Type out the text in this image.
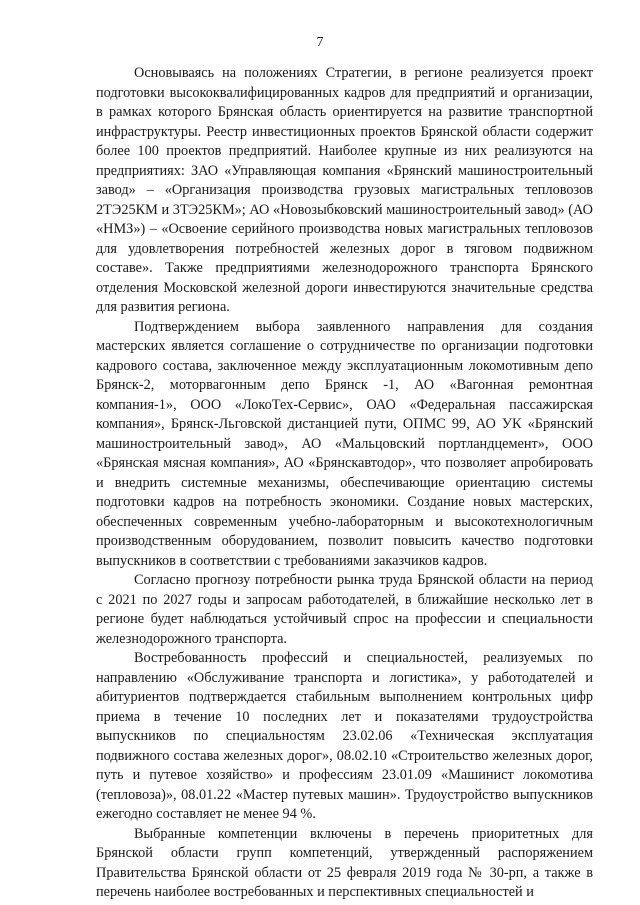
7

Основываясь на положениях Стратегии, в регионе реализуется проект подготовки высококвалифицированных кадров для предприятий и организации, в рамках которого Брянская область ориентируется на развитие транспортной инфраструктуры. Реестр инвестиционных проектов Брянской области содержит более 100 проектов предприятий. Наиболее крупные из них реализуются на предприятиях: ЗАО «Управляющая компания «Брянский машиностроительный завод» – «Организация производства грузовых магистральных тепловозов 2ТЭ25КМ и 3ТЭ25КМ»; АО «Новозыбковский машиностроительный завод» (АО «НМЗ») – «Освоение серийного производства новых магистральных тепловозов для удовлетворения потребностей железных дорог в тяговом подвижном составе». Также предприятиями железнодорожного транспорта Брянского отделения Московской железной дороги инвестируются значительные средства для развития региона.

Подтверждением выбора заявленного направления для создания мастерских является соглашение о сотрудничестве по организации подготовки кадрового состава, заключенное между эксплуатационным локомотивным депо Брянск-2, моторвагонным депо Брянск -1, АО «Вагонная ремонтная компания-1», ООО «ЛокоТех-Сервис», ОАО «Федеральная пассажирская компания», Брянск-Льговской дистанцией пути, ОПМС 99, АО УК «Брянский машиностроительный завод», АО «Мальцовский портландцемент», ООО «Брянская мясная компания», АО «Брянскавтодор», что позволяет апробировать и внедрить системные механизмы, обеспечивающие ориентацию системы подготовки кадров на потребность экономики. Создание новых мастерских, обеспеченных современным учебно-лабораторным и высокотехнологичным производственным оборудованием, позволит повысить качество подготовки выпускников в соответствии с требованиями заказчиков кадров.

Согласно прогнозу потребности рынка труда Брянской области на период с 2021 по 2027 годы и запросам работодателей, в ближайшие несколько лет в регионе будет наблюдаться устойчивый спрос на профессии и специальности железнодорожного транспорта.

Востребованность профессий и специальностей, реализуемых по направлению «Обслуживание транспорта и логистика», у работодателей и абитуриентов подтверждается стабильным выполнением контрольных цифр приема в течение 10 последних лет и показателями трудоустройства выпускников по специальностям 23.02.06 «Техническая эксплуатация подвижного состава железных дорог», 08.02.10 «Строительство железных дорог, путь и путевое хозяйство» и профессиям 23.01.09 «Машинист локомотива (тепловоза)», 08.01.22 «Мастер путевых машин». Трудоустройство выпускников ежегодно составляет не менее 94 %.

Выбранные компетенции включены в перечень приоритетных для Брянской области групп компетенций, утвержденный распоряжением Правительства Брянской области от 25 февраля 2019 года № 30-рп, а также в перечень наиболее востребованных и перспективных специальностей и
